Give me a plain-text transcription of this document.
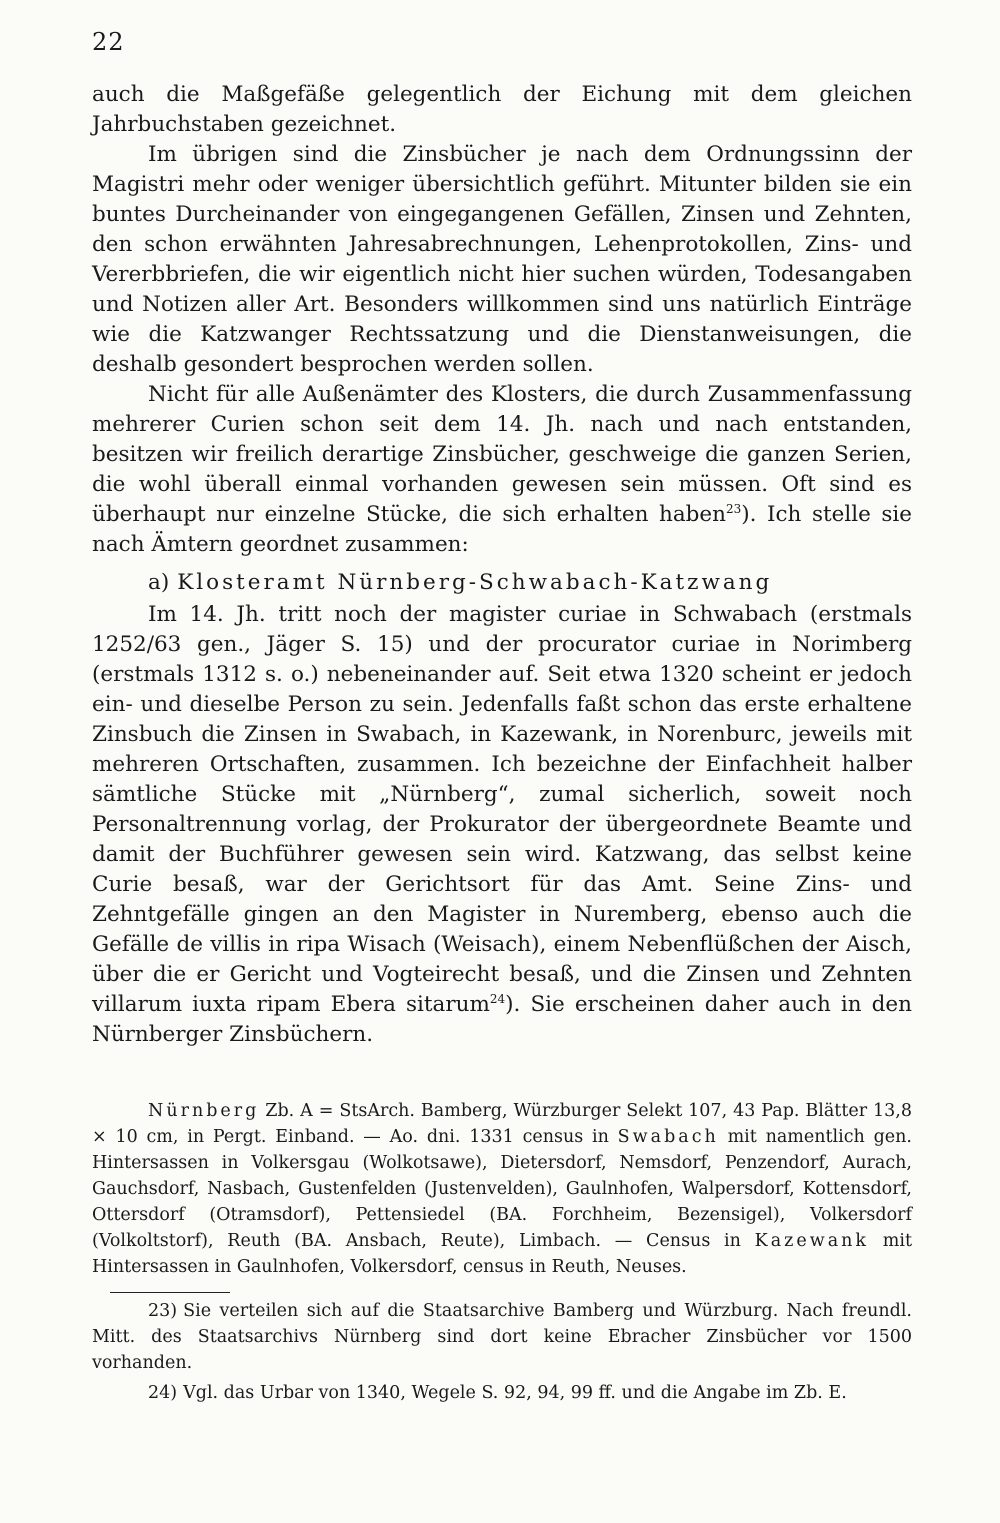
22

auch die Maßgefäße gelegentlich der Eichung mit dem gleichen Jahrbuchstaben gezeichnet.

Im übrigen sind die Zinsbücher je nach dem Ordnungssinn der Magistri mehr oder weniger übersichtlich geführt. Mitunter bilden sie ein buntes Durcheinander von eingegangenen Gefällen, Zinsen und Zehnten, den schon erwähnten Jahresabrechnungen, Lehenprotokollen, Zins- und Vererbbriefen, die wir eigentlich nicht hier suchen würden, Todesangaben und Notizen aller Art. Besonders willkommen sind uns natürlich Einträge wie die Katzwanger Rechtssatzung und die Dienstanweisungen, die deshalb gesondert besprochen werden sollen.

Nicht für alle Außenämter des Klosters, die durch Zusammenfassung mehrerer Curien schon seit dem 14. Jh. nach und nach entstanden, besitzen wir freilich derartige Zinsbücher, geschweige die ganzen Serien, die wohl überall einmal vorhanden gewesen sein müssen. Oft sind es überhaupt nur einzelne Stücke, die sich erhalten haben$^{23}$). Ich stelle sie nach Ämtern geordnet zusammen:

a) Klosteramt Nürnberg-Schwabach-Katzwang

Im 14. Jh. tritt noch der magister curiae in Schwabach (erstmals 1252/63 gen., Jäger S. 15) und der procurator curiae in Norimberg (erstmals 1312 s. o.) nebeneinander auf. Seit etwa 1320 scheint er jedoch ein- und dieselbe Person zu sein. Jedenfalls faßt schon das erste erhaltene Zinsbuch die Zinsen in Swabach, in Kazewank, in Norenburc, jeweils mit mehreren Ortschaften, zusammen. Ich bezeichne der Einfachheit halber sämtliche Stücke mit „Nürnberg“, zumal sicherlich, soweit noch Personaltrennung vorlag, der Prokurator der übergeordnete Beamte und damit der Buchführer gewesen sein wird. Katzwang, das selbst keine Curie besaß, war der Gerichtsort für das Amt. Seine Zins- und Zehntgefälle gingen an den Magister in Nuremberg, ebenso auch die Gefälle de villis in ripa Wisach (Weisach), einem Nebenflüßchen der Aisch, über die er Gericht und Vogteirecht besaß, und die Zinsen und Zehnten villarum iuxta ripam Ebera sitarum$^{24}$). Sie erscheinen daher auch in den Nürnberger Zinsbüchern.

Nürnberg Zb. A = StsArch. Bamberg, Würzburger Selekt 107, 43 Pap. Blätter 13,8 × 10 cm, in Pergt. Einband. — Ao. dni. 1331 census in Swabach mit namentlich gen. Hintersassen in Volkersgau (Wolkotsawe), Dietersdorf, Nemsdorf, Penzendorf, Aurach, Gauchsdorf, Nasbach, Gustenfelden (Justenvelden), Gaulnhofen, Walpersdorf, Kottensdorf, Ottersdorf (Otramsdorf), Pettensiedel (BA. Forchheim, Bezensigel), Volkersdorf (Volkoltstorf), Reuth (BA. Ansbach, Reute), Limbach. — Census in Kazewank mit Hintersassen in Gaulnhofen, Volkersdorf, census in Reuth, Neuses.

23) Sie verteilen sich auf die Staatsarchive Bamberg und Würzburg. Nach freundl. Mitt. des Staatsarchivs Nürnberg sind dort keine Ebracher Zinsbücher vor 1500 vorhanden.

24) Vgl. das Urbar von 1340, Wegele S. 92, 94, 99 ff. und die Angabe im Zb. E.
